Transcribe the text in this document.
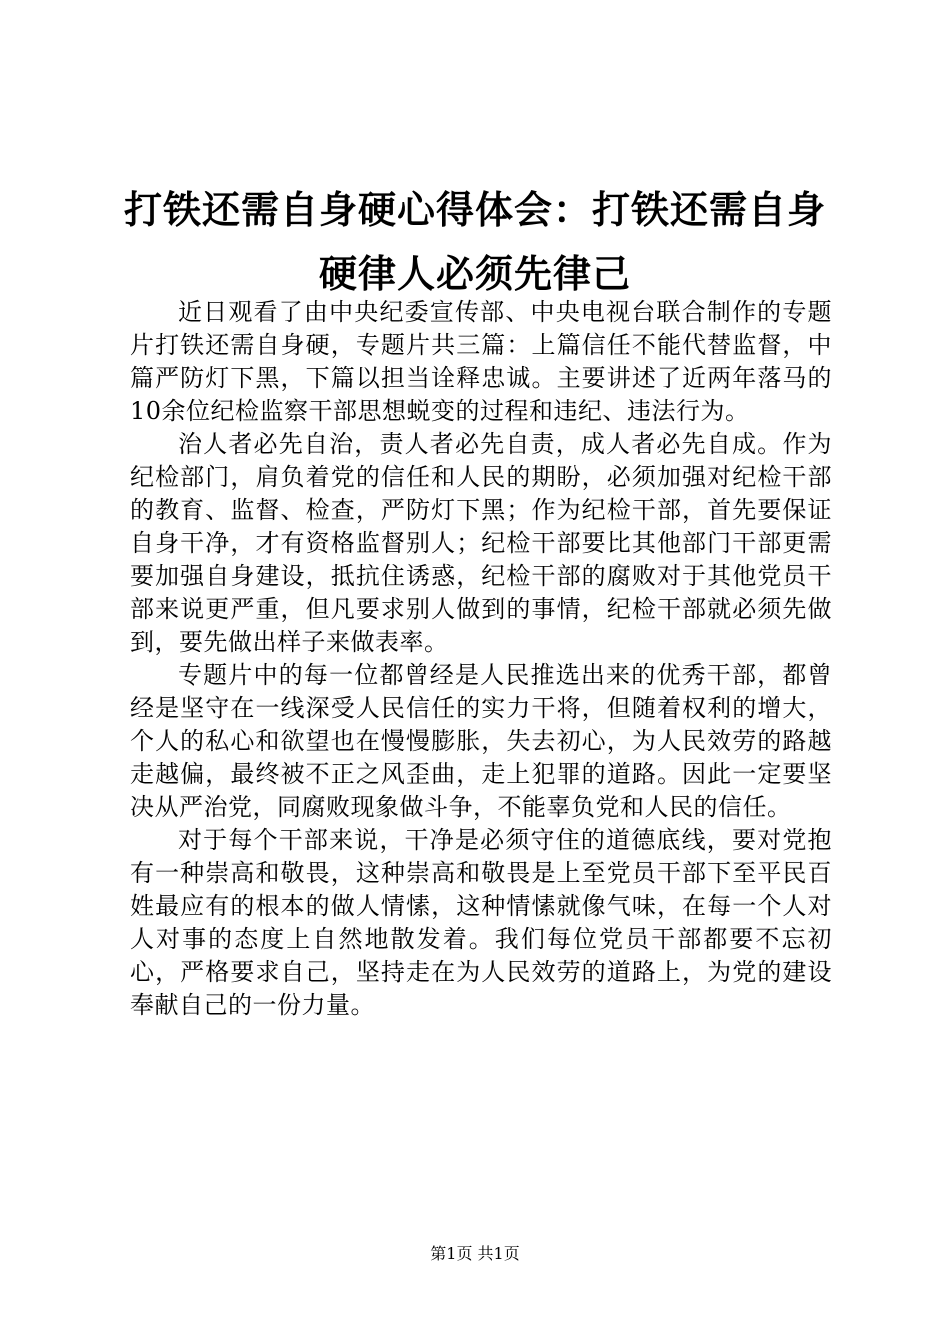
打铁还需自身硬心得体会：打铁还需自身硬律人必须先律己

近日观看了由中央纪委宣传部、中央电视台联合制作的专题片打铁还需自身硬，专题片共三篇：上篇信任不能代替监督，中篇严防灯下黑，下篇以担当诠释忠诚。主要讲述了近两年落马的10余位纪检监察干部思想蜕变的过程和违纪、违法行为。

治人者必先自治，责人者必先自责，成人者必先自成。作为纪检部门，肩负着党的信任和人民的期盼，必须加强对纪检干部的教育、监督、检查，严防灯下黑；作为纪检干部，首先要保证自身干净，才有资格监督别人；纪检干部要比其他部门干部更需要加强自身建设，抵抗住诱惑，纪检干部的腐败对于其他党员干部来说更严重，但凡要求别人做到的事情，纪检干部就必须先做到，要先做出样子来做表率。

专题片中的每一位都曾经是人民推选出来的优秀干部，都曾经是坚守在一线深受人民信任的实力干将，但随着权利的增大，个人的私心和欲望也在慢慢膨胀，失去初心，为人民效劳的路越走越偏，最终被不正之风歪曲，走上犯罪的道路。因此一定要坚决从严治党，同腐败现象做斗争，不能辜负党和人民的信任。

对于每个干部来说，干净是必须守住的道德底线，要对党抱有一种崇高和敬畏，这种崇高和敬畏是上至党员干部下至平民百姓最应有的根本的做人情愫，这种情愫就像气味，在每一个人对人对事的态度上自然地散发着。我们每位党员干部都要不忘初心，严格要求自己，坚持走在为人民效劳的道路上，为党的建设奉献自己的一份力量。

第1页 共1页
